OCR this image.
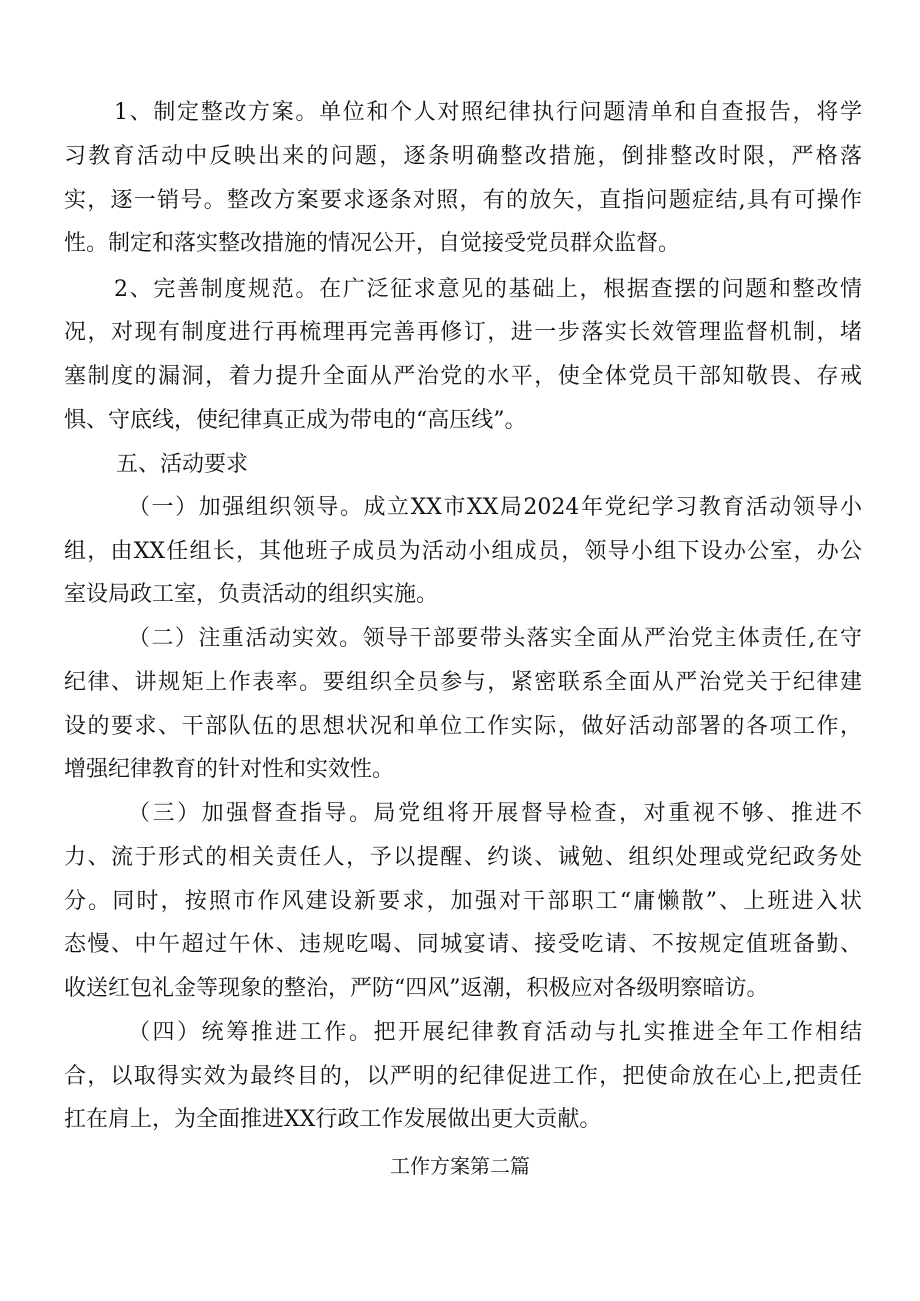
1、制定整改方案。单位和个人对照纪律执行问题清单和自查报告，将学
习教育活动中反映出来的问题，逐条明确整改措施，倒排整改时限，严格落
实，逐一销号。整改方案要求逐条对照，有的放矢，直指问题症结,具有可操作
性。制定和落实整改措施的情况公开，自觉接受党员群众监督。
2、完善制度规范。在广泛征求意见的基础上，根据查摆的问题和整改情
况，对现有制度进行再梳理再完善再修订，进一步落实长效管理监督机制，堵
塞制度的漏洞，着力提升全面从严治党的水平，使全体党员干部知敬畏、存戒
惧、守底线，使纪律真正成为带电的“高压线”。
五、活动要求
（一）加强组织领导。成立XX市XX局2024年党纪学习教育活动领导小
组，由XX任组长，其他班子成员为活动小组成员，领导小组下设办公室，办公
室设局政工室，负责活动的组织实施。
（二）注重活动实效。领导干部要带头落实全面从严治党主体责任,在守
纪律、讲规矩上作表率。要组织全员参与，紧密联系全面从严治党关于纪律建
设的要求、干部队伍的思想状况和单位工作实际，做好活动部署的各项工作，
增强纪律教育的针对性和实效性。
（三）加强督查指导。局党组将开展督导检查，对重视不够、推进不
力、流于形式的相关责任人，予以提醒、约谈、诫勉、组织处理或党纪政务处
分。同时，按照市作风建设新要求，加强对干部职工“庸懒散”、上班进入状
态慢、中午超过午休、违规吃喝、同城宴请、接受吃请、不按规定值班备勤、
收送红包礼金等现象的整治，严防“四风”返潮，积极应对各级明察暗访。
（四）统筹推进工作。把开展纪律教育活动与扎实推进全年工作相结
合，以取得实效为最终目的，以严明的纪律促进工作，把使命放在心上,把责任
扛在肩上，为全面推进XX行政工作发展做出更大贡献。
工作方案第二篇
